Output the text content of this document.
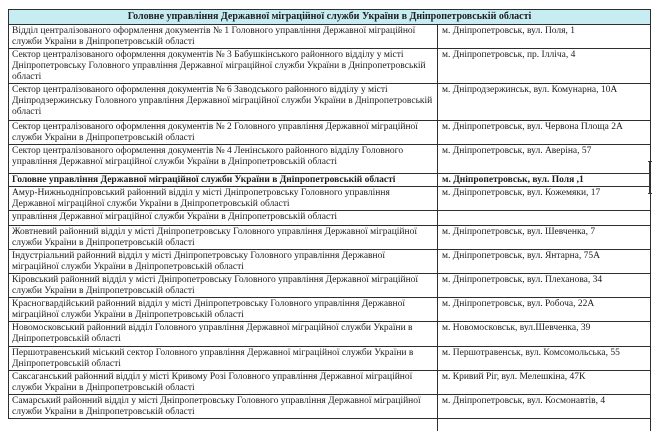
Головне управління Державної міграційної служби України в Дніпропетровській області	
Відділ централізованого оформлення документів № 1 Головного управління Державної міграційної служби України в Дніпропетровській області	м. Дніпропетровськ, вул. Поля, 1
Сектор централізованого оформлення документів № 3 Бабушкінського районного відділу у місті Дніпропетровську Головного управління Державної міграційної служби України в Дніпропетровській області	м. Дніпропетровськ, пр. Ілліча, 4
Сектор централізованого оформлення документів № 6 Заводського районного відділу у місті Дніпродзержинську Головного управління Державної міграційної служби України в Дніпропетровській області	м. Дніпродзержинськ, вул. Комунарна, 10А
Сектор централізованого оформлення документів № 2 Головного управління Державної міграційної служби України в Дніпропетровській області	м. Дніпропетровськ, вул. Червона Площа 2А
Сектор централізованого оформлення документів № 4 Ленінського районного відділу Головного управління Державної міграційної служби України в Дніпропетровській області	м. Дніпропетровськ, вул. Аверіна, 57
Головне управління Державної міграційної служби України в Дніпропетровській області	м. Дніпропетровськ, вул. Поля ,1
Амур-Нижньодніпровський районний відділ у місті Дніпропетровську Головного управління Державної міграційної служби України в Дніпропетровській області	м. Дніпропетровськ, вул. Кожемяки, 17
управління Державної міграційної служби України в Дніпропетровській області	
Жовтневий районний відділ у місті Дніпропетровську Головного управління Державної міграційної служби України в Дніпропетровській області	м. Дніпропетровськ, вул. Шевченка, 7
Індустріальний районний відділ у місті Дніпропетровську Головного управління Державної міграційної служби України в Дніпропетровській області	м. Дніпропетровськ, вул. Янтарна, 75А
Кіровський районний відділ у місті Дніпропетровську Головного управління Державної міграційної служби України в Дніпропетровській області	м. Дніпропетровськ, вул. Плеханова, 34
Красногвардійський районний відділ у місті Дніпропетровську Головного управління Державної міграційної служби України в Дніпропетровській області	м. Дніпропетровськ, вул. Робоча, 22А
Новомосковський районний відділ Головного управління Державної міграційної служби України в Дніпропетровській області	м. Новомосковськ, вул.Шевченка, 39
Першотравенський міський сектор Головного управління Державної міграційної служби України в Дніпропетровській області	м. Першотравенськ, вул. Комсомольська, 55
Саксаганський районний відділ у місті Кривому Розі Головного управління Державної міграційної служби України в Дніпропетровській області	м. Кривий Ріг, вул. Мелешкіна, 47К
Самарський районний відділ у місті Дніпропетровську Головного управління Державної міграційної служби України в Дніпропетровській області	м. Дніпропетровськ, вул. Космонавтів, 4
